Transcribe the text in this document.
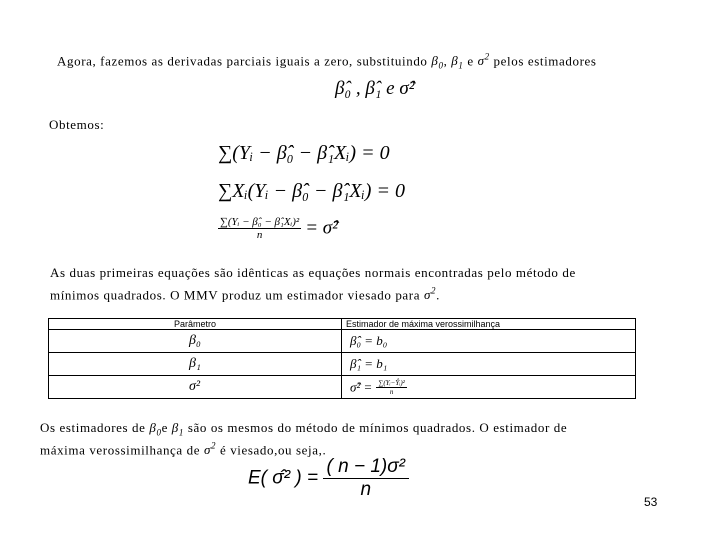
Agora, fazemos as derivadas parciais iguais a zero, substituindo $\beta_0$, $\beta_1$ e $\sigma^2$ pelos estimadores
β̂₀ , β̂₁ e σ̂²
Obtemos:
∑(Yᵢ − β̂₀ − β̂₁Xᵢ) = 0
∑Xᵢ(Yᵢ − β̂₀ − β̂₁Xᵢ) = 0
$\frac{\text{∑(Yᵢ − β̂₀ − β̂₁Xᵢ)²}}{n}$ = σ̂²
As duas primeiras equações são idênticas as equações normais encontradas pelo método de
mínimos quadrados. O MMV produz um estimador viesado para $\sigma^2$.
Parâmetro	Estimador de máxima verossimilhança
β₀	β̂₀ = b₀
β₁	β̂₁ = b₁
σ²	σ̂² = $\frac{\text{∑(Yᵢ−Ŷᵢ)²}}{n}$
Os estimadores de $\beta_0e$ $\beta_1$ são os mesmos do método de mínimos quadrados. O estimador de
máxima verossimilhança de $\sigma^2$ é viesado,ou seja,.
E( σ̂² ) = $\frac{\text{( n − 1)σ²}}{n}$
53
